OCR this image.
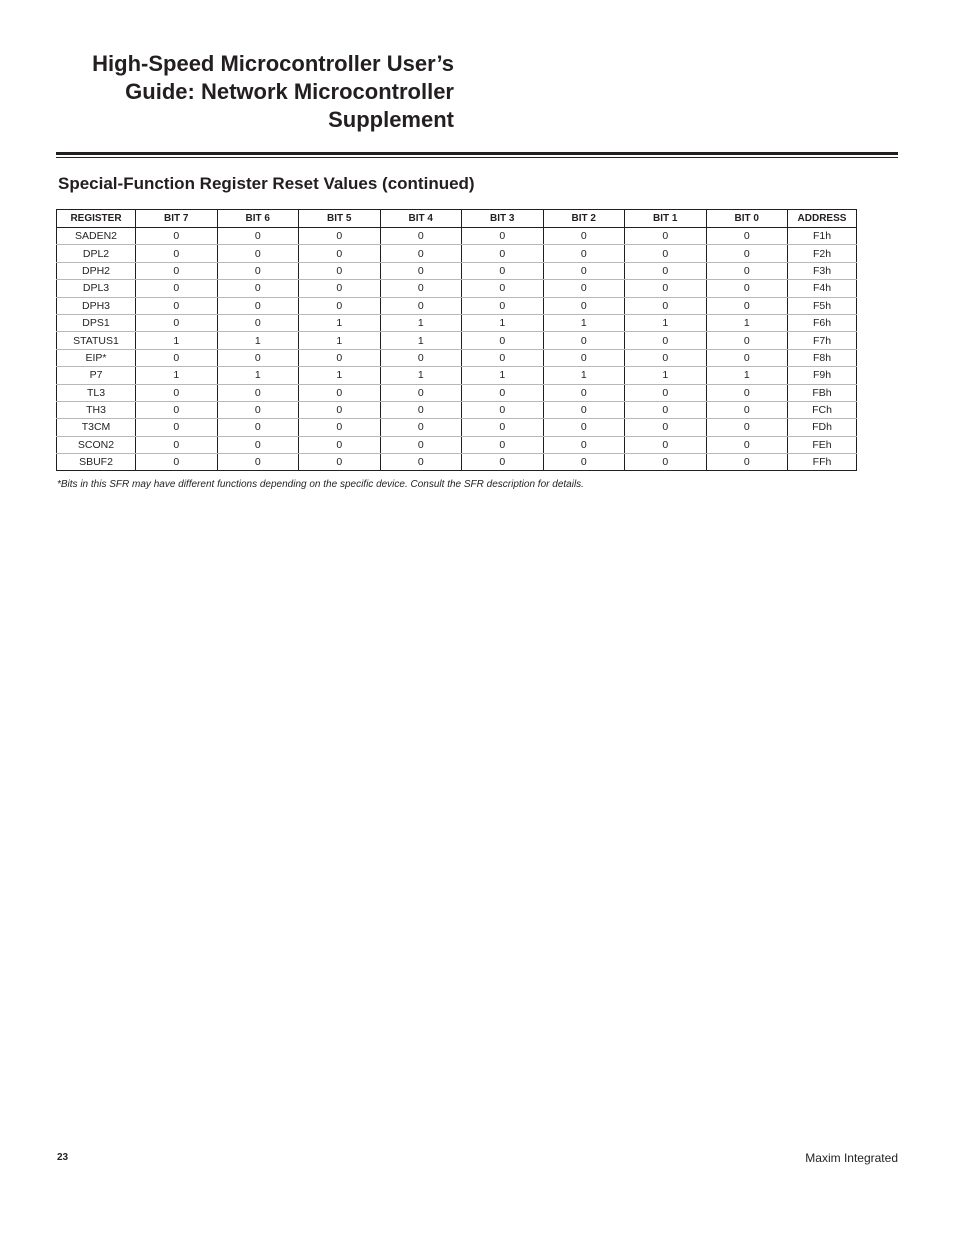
High-Speed Microcontroller User’s
Guide: Network Microcontroller
Supplement
Special-Function Register Reset Values (continued)
REGISTER	BIT 7	BIT 6	BIT 5	BIT 4	BIT 3	BIT 2	BIT 1	BIT 0	ADDRESS
SADEN2	0	0	0	0	0	0	0	0	F1h
DPL2	0	0	0	0	0	0	0	0	F2h
DPH2	0	0	0	0	0	0	0	0	F3h
DPL3	0	0	0	0	0	0	0	0	F4h
DPH3	0	0	0	0	0	0	0	0	F5h
DPS1	0	0	1	1	1	1	1	1	F6h
STATUS1	1	1	1	1	0	0	0	0	F7h
EIP*	0	0	0	0	0	0	0	0	F8h
P7	1	1	1	1	1	1	1	1	F9h
TL3	0	0	0	0	0	0	0	0	FBh
TH3	0	0	0	0	0	0	0	0	FCh
T3CM	0	0	0	0	0	0	0	0	FDh
SCON2	0	0	0	0	0	0	0	0	FEh
SBUF2	0	0	0	0	0	0	0	0	FFh

*Bits in this SFR may have different functions depending on the specific device. Consult the SFR description for details.

23	Maxim Integrated
